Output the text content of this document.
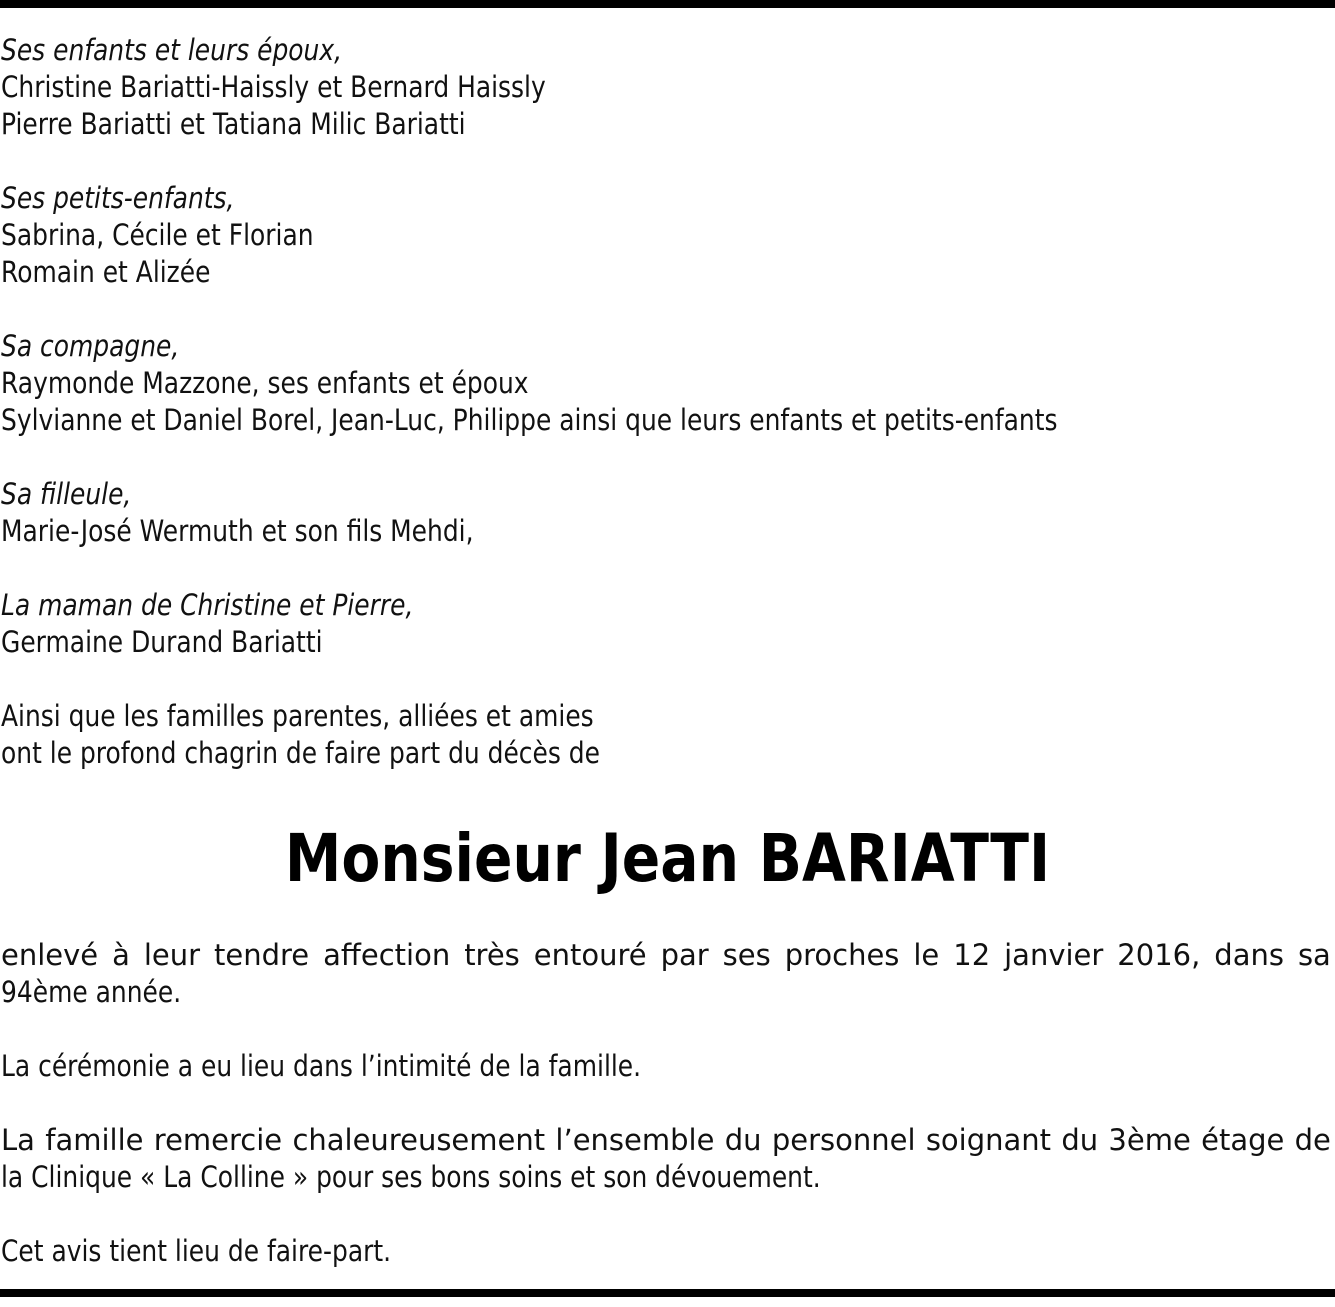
Ses enfants et leurs époux,
Christine Bariatti-Haissly et Bernard Haissly
Pierre Bariatti et Tatiana Milic Bariatti
Ses petits-enfants,
Sabrina, Cécile et Florian
Romain et Alizée
Sa compagne,
Raymonde Mazzone, ses enfants et époux
Sylvianne et Daniel Borel, Jean-Luc, Philippe ainsi que leurs enfants et petits-enfants
Sa filleule,
Marie-José Wermuth et son fils Mehdi,
La maman de Christine et Pierre,
Germaine Durand Bariatti
Ainsi que les familles parentes, alliées et amies
ont le profond chagrin de faire part du décès de
Monsieur Jean BARIATTI
enlevé à leur tendre affection très entouré par ses proches le 12 janvier 2016, dans sa
94ème année.
La cérémonie a eu lieu dans l’intimité de la famille.
La famille remercie chaleureusement l’ensemble du personnel soignant du 3ème étage de
la Clinique « La Colline » pour ses bons soins et son dévouement.
Cet avis tient lieu de faire-part.
